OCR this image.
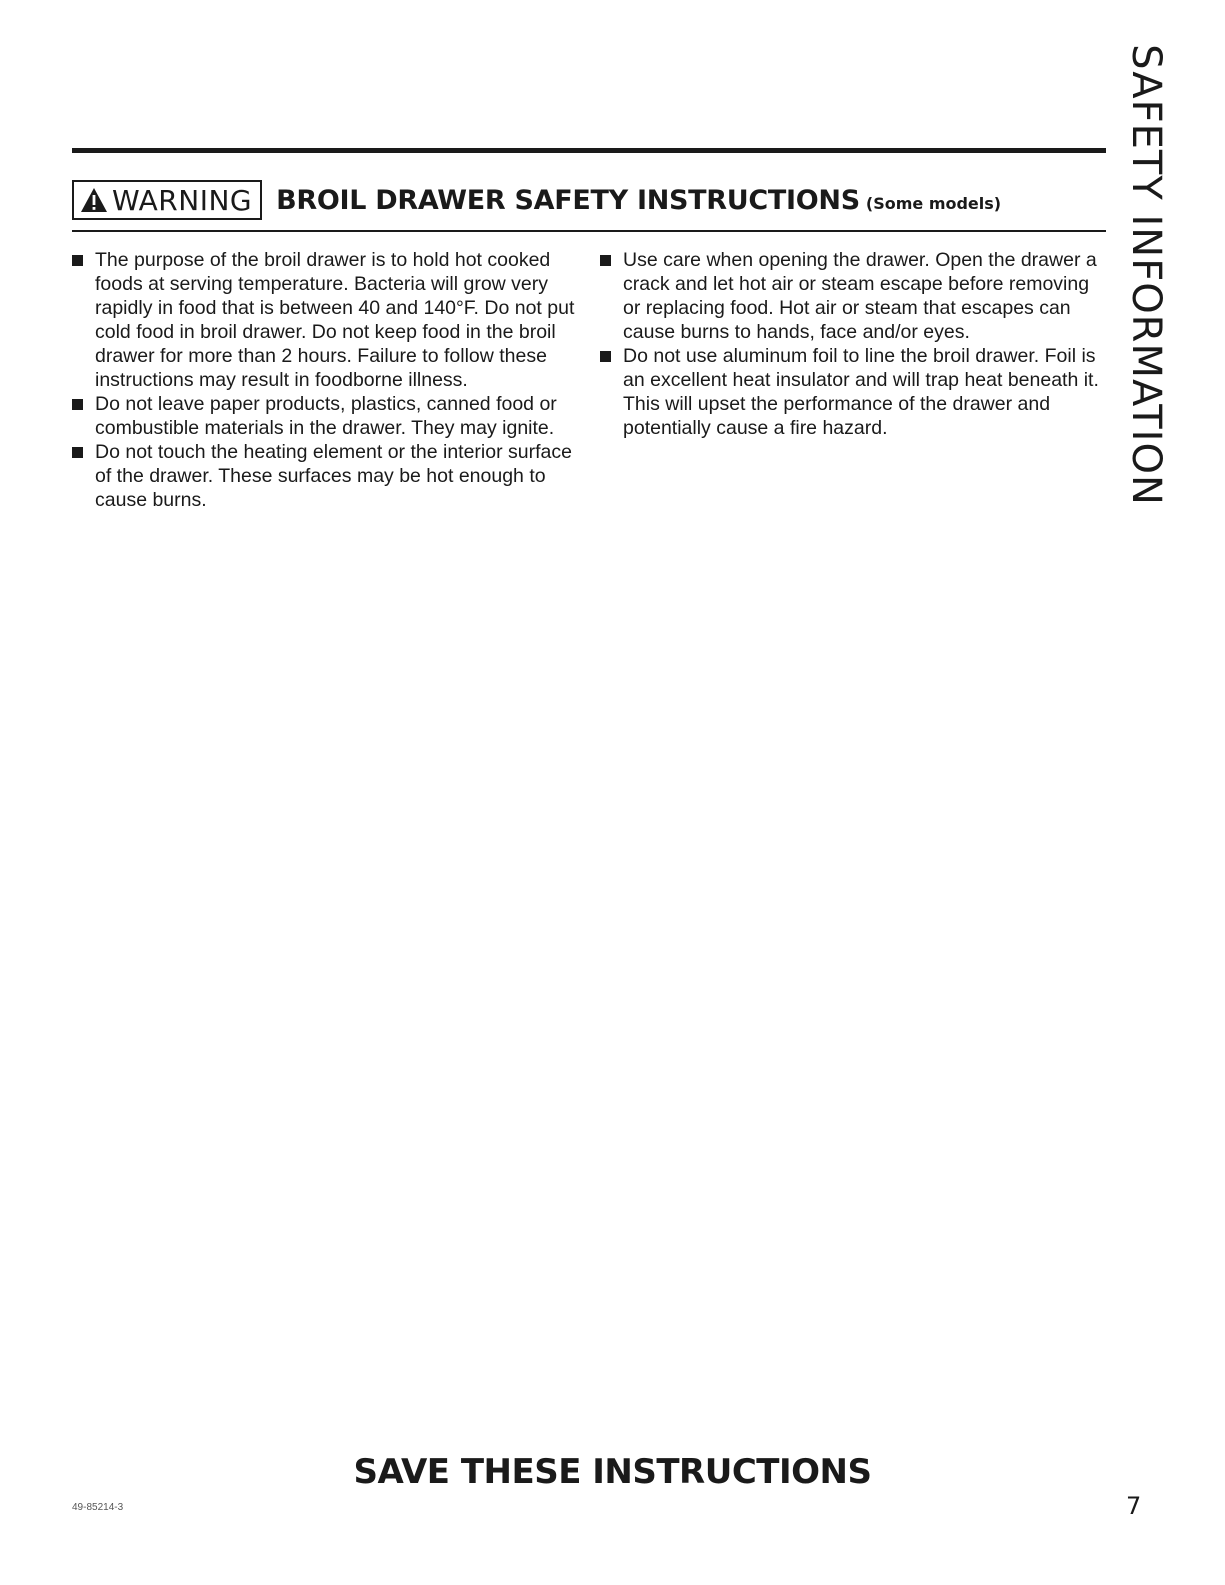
WARNING BROIL DRAWER SAFETY INSTRUCTIONS (Some models)
The purpose of the broil drawer is to hold hot cooked foods at serving temperature. Bacteria will grow very rapidly in food that is between 40 and 140°F. Do not put cold food in broil drawer. Do not keep food in the broil drawer for more than 2 hours. Failure to follow these instructions may result in foodborne illness.
Do not leave paper products, plastics, canned food or combustible materials in the drawer. They may ignite.
Do not touch the heating element or the interior surface of the drawer. These surfaces may be hot enough to cause burns.
Use care when opening the drawer. Open the drawer a crack and let hot air or steam escape before removing or replacing food. Hot air or steam that escapes can cause burns to hands, face and/or eyes.
Do not use aluminum foil to line the broil drawer. Foil is an excellent heat insulator and will trap heat beneath it. This will upset the performance of the drawer and potentially cause a fire hazard.	SAFETY INFORMATION
SAVE THESE INSTRUCTIONS
49-85214-3	7
